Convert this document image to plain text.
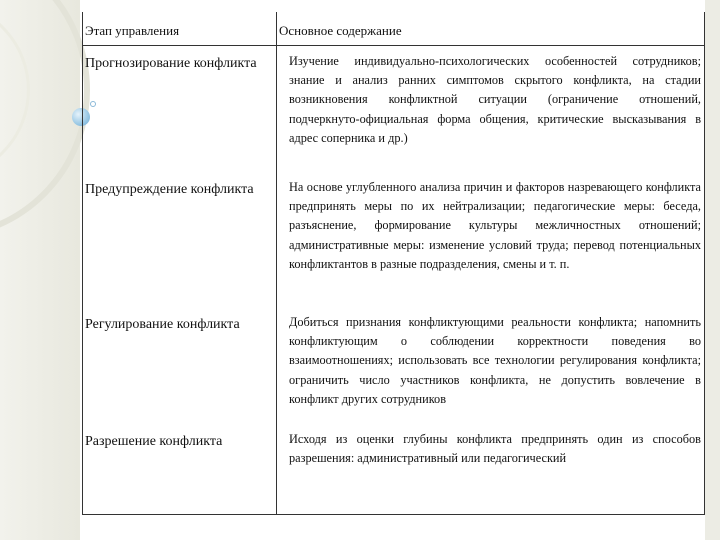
Этап управления	Основное содержание
Прогнозирование конфликта	Изучение индивидуально-психологических особенностей сотрудников; знание и анализ ранних симптомов скрытого конфликта, на стадии возникновения конфликтной ситуации (ограничение отношений, подчеркнуто-официальная форма общения, критические высказывания в адрес соперника и др.)
Предупреждение конфликта	На основе углубленного анализа причин и факторов назревающего конфликта предпринять меры по их нейтрализации; педагогические меры: беседа, разъяснение, формирование культуры межличностных отношений; административные меры: изменение условий труда; перевод потенциальных конфликтантов в разные подразделения, смены и т. п.
Регулирование конфликта	Добиться признания конфликтующими реальности конфликта; напомнить конфликтующим о соблюдении корректности поведения во взаимоотношениях; использовать все технологии регулирования конфликта; ограничить число участников конфликта, не допустить вовлечение в конфликт других сотрудников
Разрешение конфликта	Исходя из оценки глубины конфликта предпринять один из способов разрешения: административный или педагогический
